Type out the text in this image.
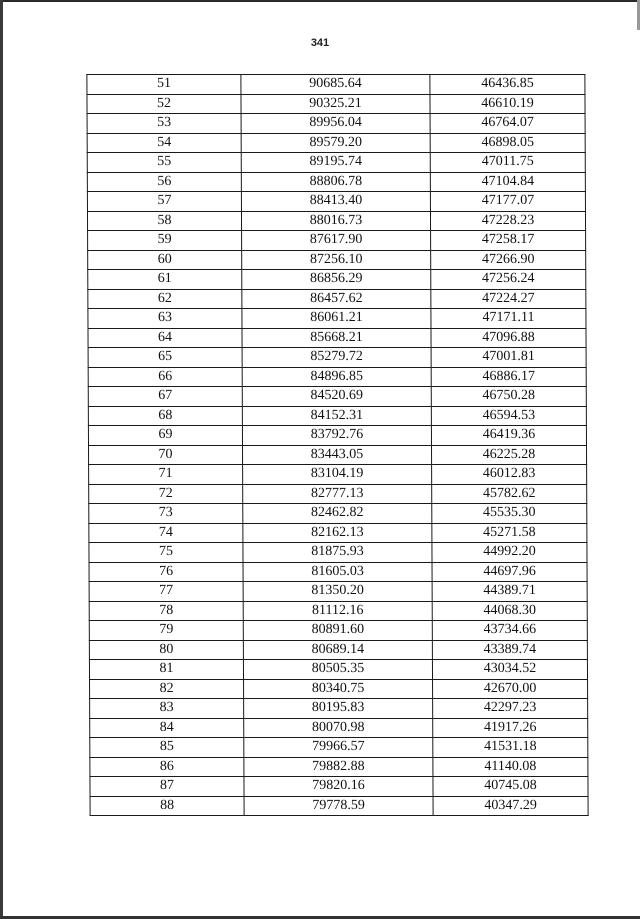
341
51	90685.64	46436.85
52	90325.21	46610.19
53	89956.04	46764.07
54	89579.20	46898.05
55	89195.74	47011.75
56	88806.78	47104.84
57	88413.40	47177.07
58	88016.73	47228.23
59	87617.90	47258.17
60	87256.10	47266.90
61	86856.29	47256.24
62	86457.62	47224.27
63	86061.21	47171.11
64	85668.21	47096.88
65	85279.72	47001.81
66	84896.85	46886.17
67	84520.69	46750.28
68	84152.31	46594.53
69	83792.76	46419.36
70	83443.05	46225.28
71	83104.19	46012.83
72	82777.13	45782.62
73	82462.82	45535.30
74	82162.13	45271.58
75	81875.93	44992.20
76	81605.03	44697.96
77	81350.20	44389.71
78	81112.16	44068.30
79	80891.60	43734.66
80	80689.14	43389.74
81	80505.35	43034.52
82	80340.75	42670.00
83	80195.83	42297.23
84	80070.98	41917.26
85	79966.57	41531.18
86	79882.88	41140.08
87	79820.16	40745.08
88	79778.59	40347.29
